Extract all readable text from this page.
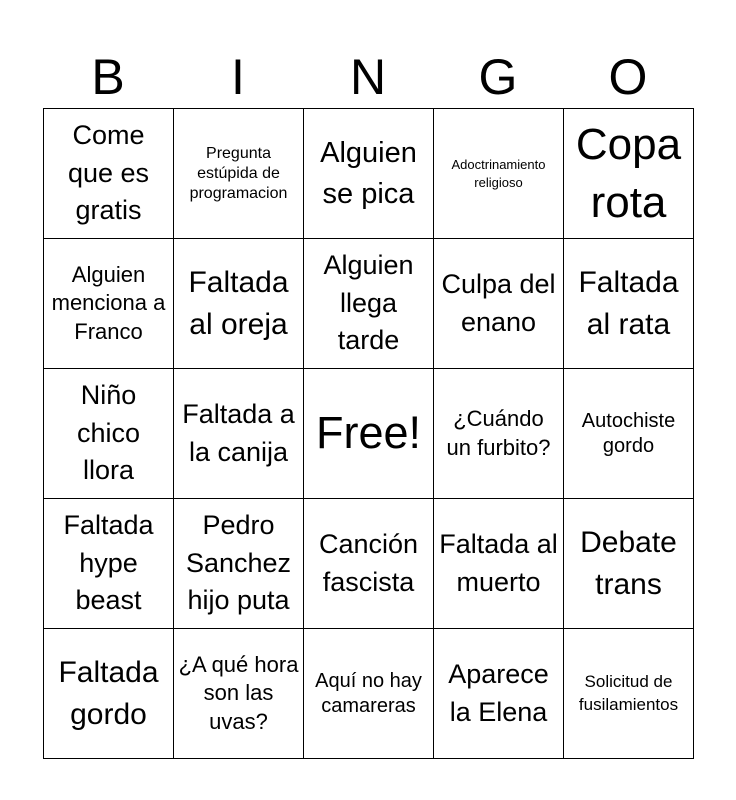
B	I	N	G	O
Come que es gratis	Pregunta estúpida de programacion	Alguien se pica	Adoctrinamiento religioso	Copa rota

Alguien menciona a Franco	Faltada al oreja	Alguien llega tarde	Culpa del enano	Faltada al rata

Niño chico llora	Faltada a la canija	Free!	¿Cuándo un furbito?	Autochiste gordo

Faltada hype beast	Pedro Sanchez hijo puta	Canción fascista	Faltada al muerto	Debate trans

Faltada gordo	¿A qué hora son las uvas?	Aquí no hay camareras	Aparece la Elena	Solicitud de fusilamientos
